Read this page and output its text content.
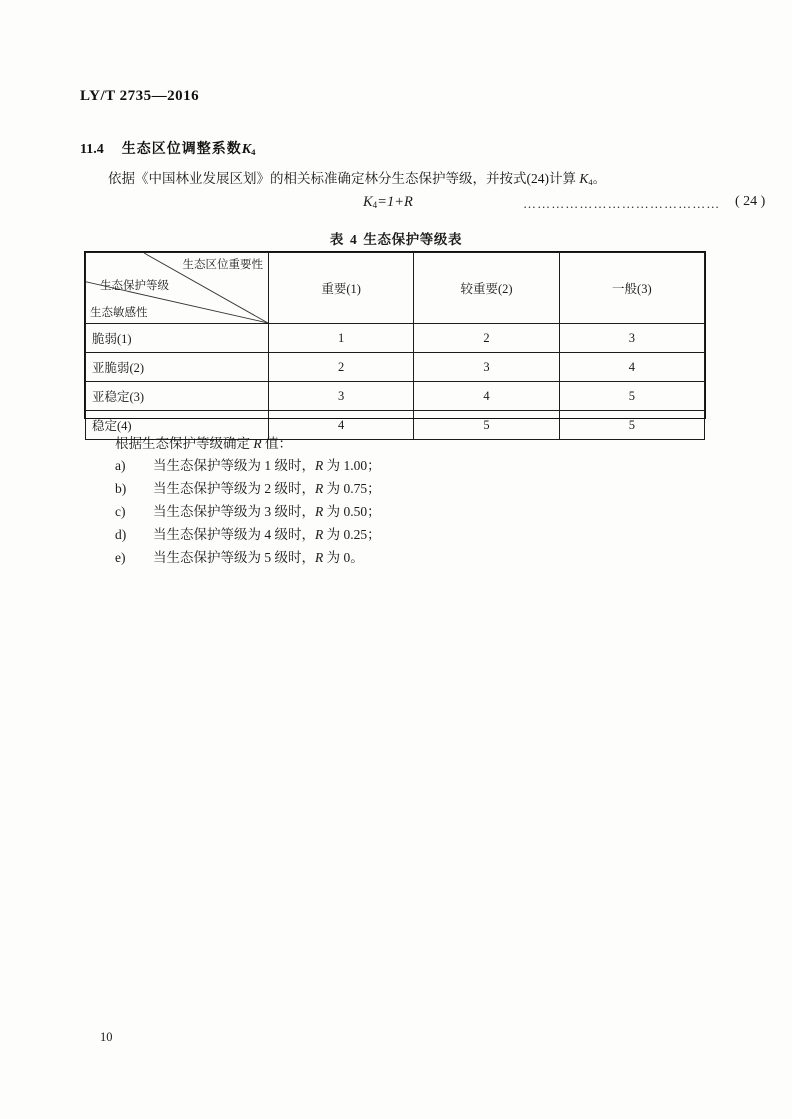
LY/T 2735—2016
11.4 生态区位调整系数$K_4$
依据《中国林业发展区划》的相关标准确定林分生态保护等级，并按式(24)计算 $K_4$。
$K_4=1+R$	…………………………………… ( 24 )
表 4 生态保护等级表
生态区位重要性
生态保护等级
生态敏感性	重要(1)	较重要(2)	一般(3)
脆弱(1)	1	2	3
亚脆弱(2)	2	3	4
亚稳定(3)	3	4	5
稳定(4)	4	5	5
根据生态保护等级确定 R 值：
a)	当生态保护等级为 1 级时，R 为 1.00；
b)	当生态保护等级为 2 级时，R 为 0.75；
c)	当生态保护等级为 3 级时，R 为 0.50；
d)	当生态保护等级为 4 级时，R 为 0.25；
e)	当生态保护等级为 5 级时，R 为 0。
10
